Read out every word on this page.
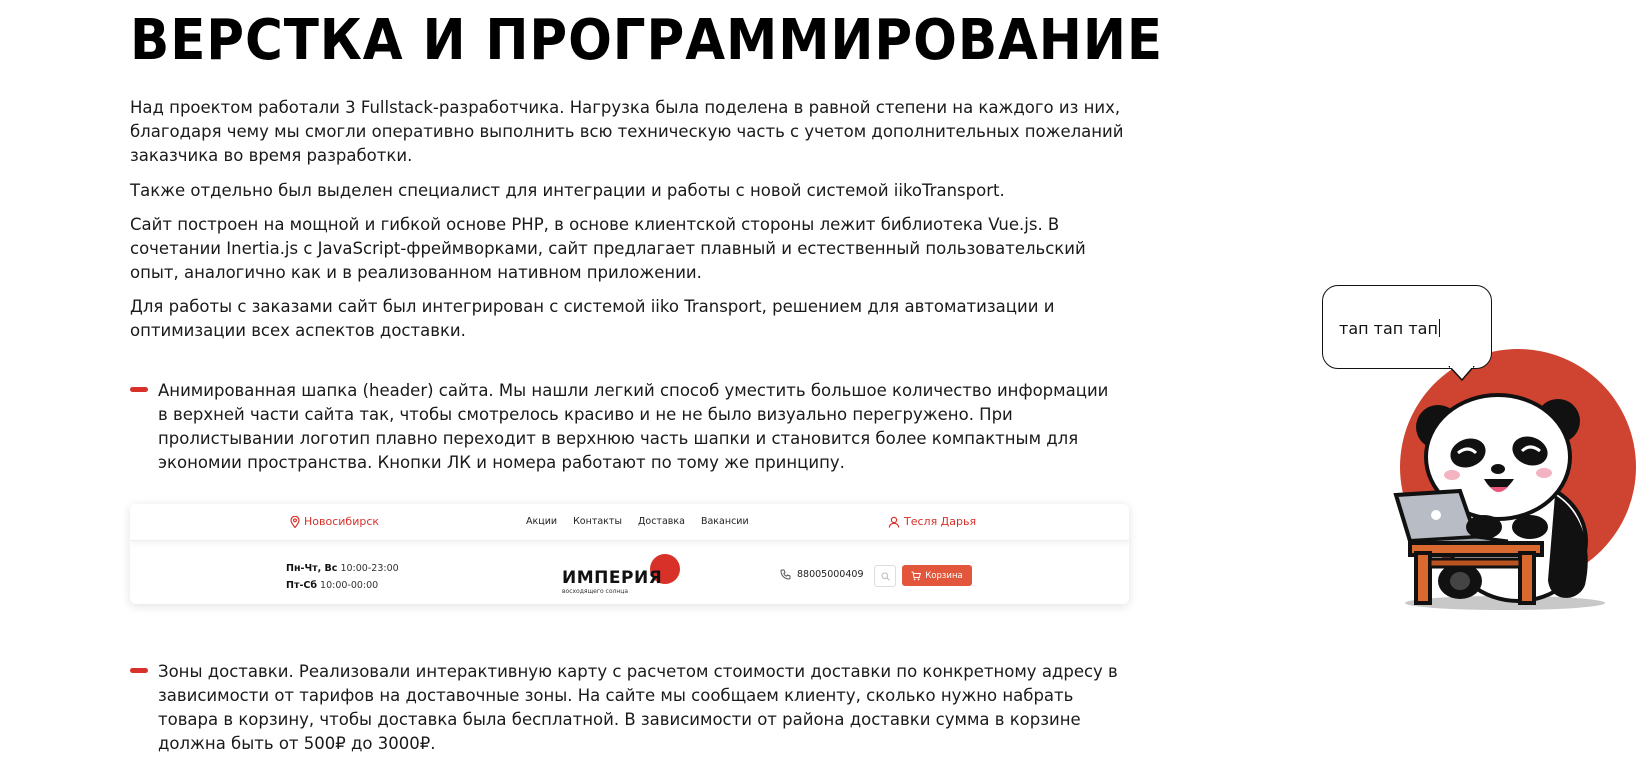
ВЕРСТКА И ПРОГРАММИРОВАНИЕ

Над проектом работали 3 Fullstack-разработчика. Нагрузка была поделена в равной степени на каждого из них, благодаря чему мы смогли оперативно выполнить всю техническую часть с учетом дополнительных пожеланий заказчика во время разработки.

Также отдельно был выделен специалист для интеграции и работы с новой системой iikoTransport.

Сайт построен на мощной и гибкой основе PHP, в основе клиентской стороны лежит библиотека Vue.js. В сочетании Inertia.js с JavaScript-фреймворками, сайт предлагает плавный и естественный пользовательский опыт, аналогично как и в реализованном нативном приложении.

Для работы с заказами сайт был интегрирован с системой iiko Transport, решением для автоматизации и оптимизации всех аспектов доставки.

Анимированная шапка (header) сайта. Мы нашли легкий способ уместить большое количество информации в верхней части сайта так, чтобы смотрелось красиво и не не было визуально перегружено. При пролистывании логотип плавно переходит в верхнюю часть шапки и становится более компактным для экономии пространства. Кнопки ЛК и номера работают по тому же принципу.

Новосибирск	Акции Контакты Доставка Вакансии	Тесля Дарья
Пн-Чт, Вс 10:00-23:00
Пт-Сб 10:00-00:00	ИМПЕРИЯ
восходящего солнца
88005000409	Корзина

Зоны доставки. Реализовали интерактивную карту с расчетом стоимости доставки по конкретному адресу в зависимости от тарифов на доставочные зоны. На сайте мы сообщаем клиенту, сколько нужно набрать товара в корзину, чтобы доставка была бесплатной. В зависимости от района доставки сумма в корзине должна быть от 500₽ до 3000₽.

тап тап тап
